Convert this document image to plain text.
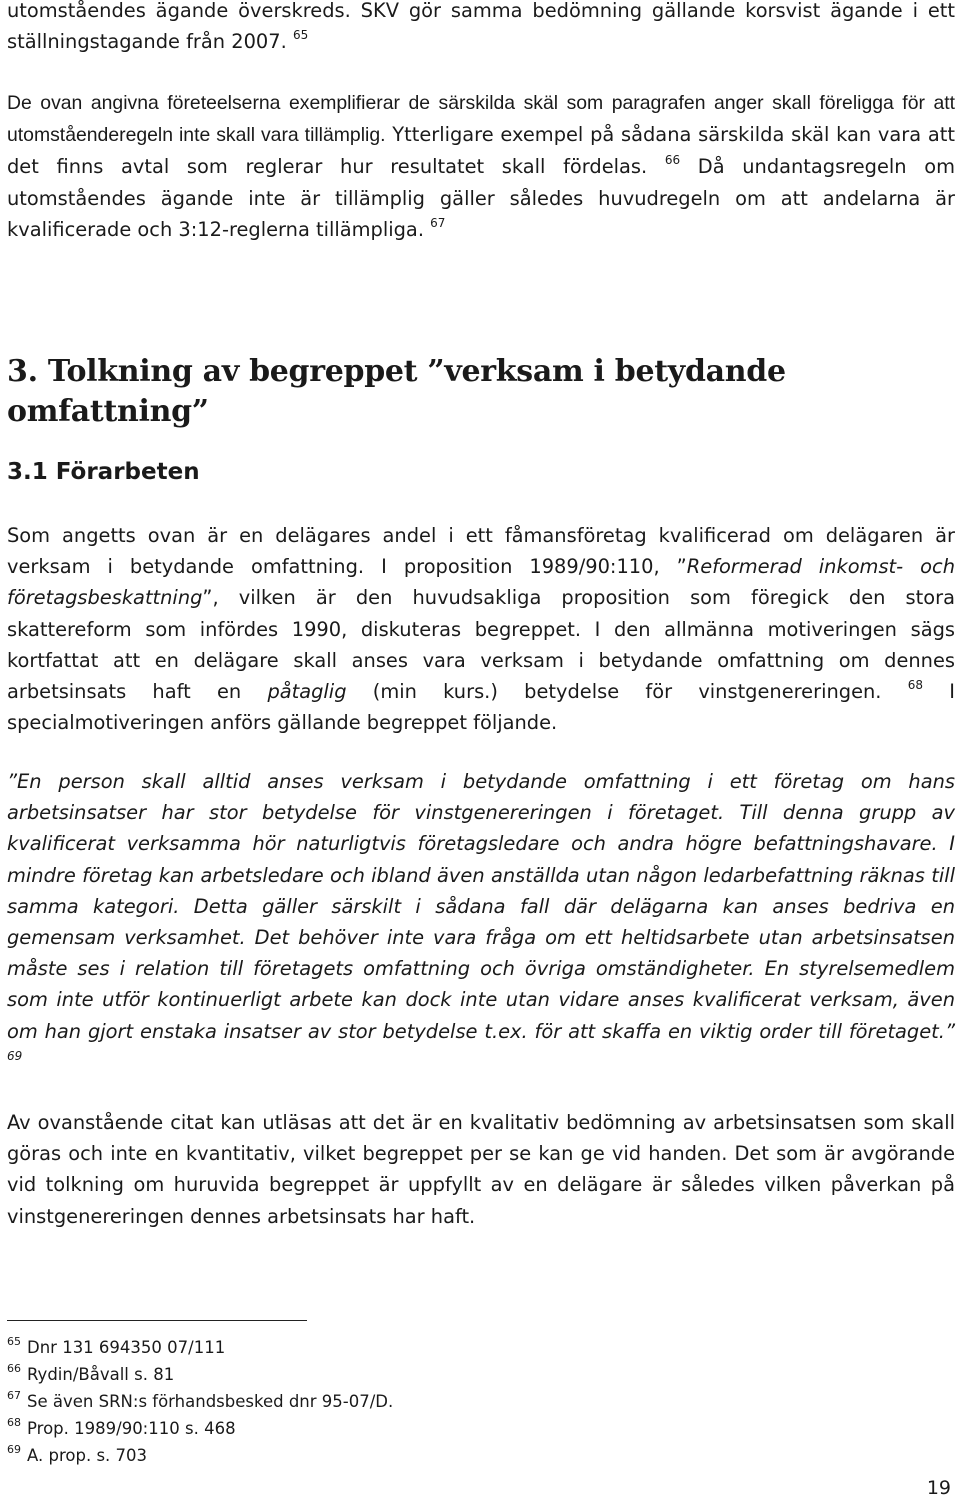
utomståendes ägande överskreds. SKV gör samma bedömning gällande korsvist ägande i ett ställningstagande från 2007. $^{65}$

De ovan angivna företeelserna exemplifierar de särskilda skäl som paragrafen anger skall föreligga för att utomståenderegeln inte skall vara tillämplig. Ytterligare exempel på sådana särskilda skäl kan vara att det finns avtal som reglerar hur resultatet skall fördelas. $^{66}$ Då undantagsregeln om utomståendes ägande inte är tillämplig gäller således huvudregeln om att andelarna är kvalificerade och 3:12-reglerna tillämpliga. $^{67}$

3. Tolkning av begreppet ”verksam i betydande omfattning”
3.1 Förarbeten

Som angetts ovan är en delägares andel i ett fåmansföretag kvalificerad om delägaren är verksam i betydande omfattning. I proposition 1989/90:110, ”Reformerad inkomst- och företagsbeskattning”, vilken är den huvudsakliga proposition som föregick den stora skattereform som infördes 1990, diskuteras begreppet. I den allmänna motiveringen sägs kortfattat att en delägare skall anses vara verksam i betydande omfattning om dennes arbetsinsats haft en påtaglig (min kurs.) betydelse för vinstgenereringen. $^{68}$ I specialmotiveringen anförs gällande begreppet följande.

”En person skall alltid anses verksam i betydande omfattning i ett företag om hans arbetsinsatser har stor betydelse för vinstgenereringen i företaget. Till denna grupp av kvalificerat verksamma hör naturligtvis företagsledare och andra högre befattningshavare. I mindre företag kan arbetsledare och ibland även anställda utan någon ledarbefattning räknas till samma kategori. Detta gäller särskilt i sådana fall där delägarna kan anses bedriva en gemensam verksamhet. Det behöver inte vara fråga om ett heltidsarbete utan arbetsinsatsen måste ses i relation till företagets omfattning och övriga omständigheter. En styrelsemedlem som inte utför kontinuerligt arbete kan dock inte utan vidare anses kvalificerat verksam, även om han gjort enstaka insatser av stor betydelse t.ex. för att skaffa en viktig order till företaget.” $^{69}$

Av ovanstående citat kan utläsas att det är en kvalitativ bedömning av arbetsinsatsen som skall göras och inte en kvantitativ, vilket begreppet per se kan ge vid handen. Det som är avgörande vid tolkning om huruvida begreppet är uppfyllt av en delägare är således vilken påverkan på vinstgenereringen dennes arbetsinsats har haft.

$^{65}$ Dnr 131 694350 07/111

$^{66}$ Rydin/Båvall s. 81

$^{67}$ Se även SRN:s förhandsbesked dnr 95-07/D.

$^{68}$ Prop. 1989/90:110 s. 468

$^{69}$ A. prop. s. 703

19
